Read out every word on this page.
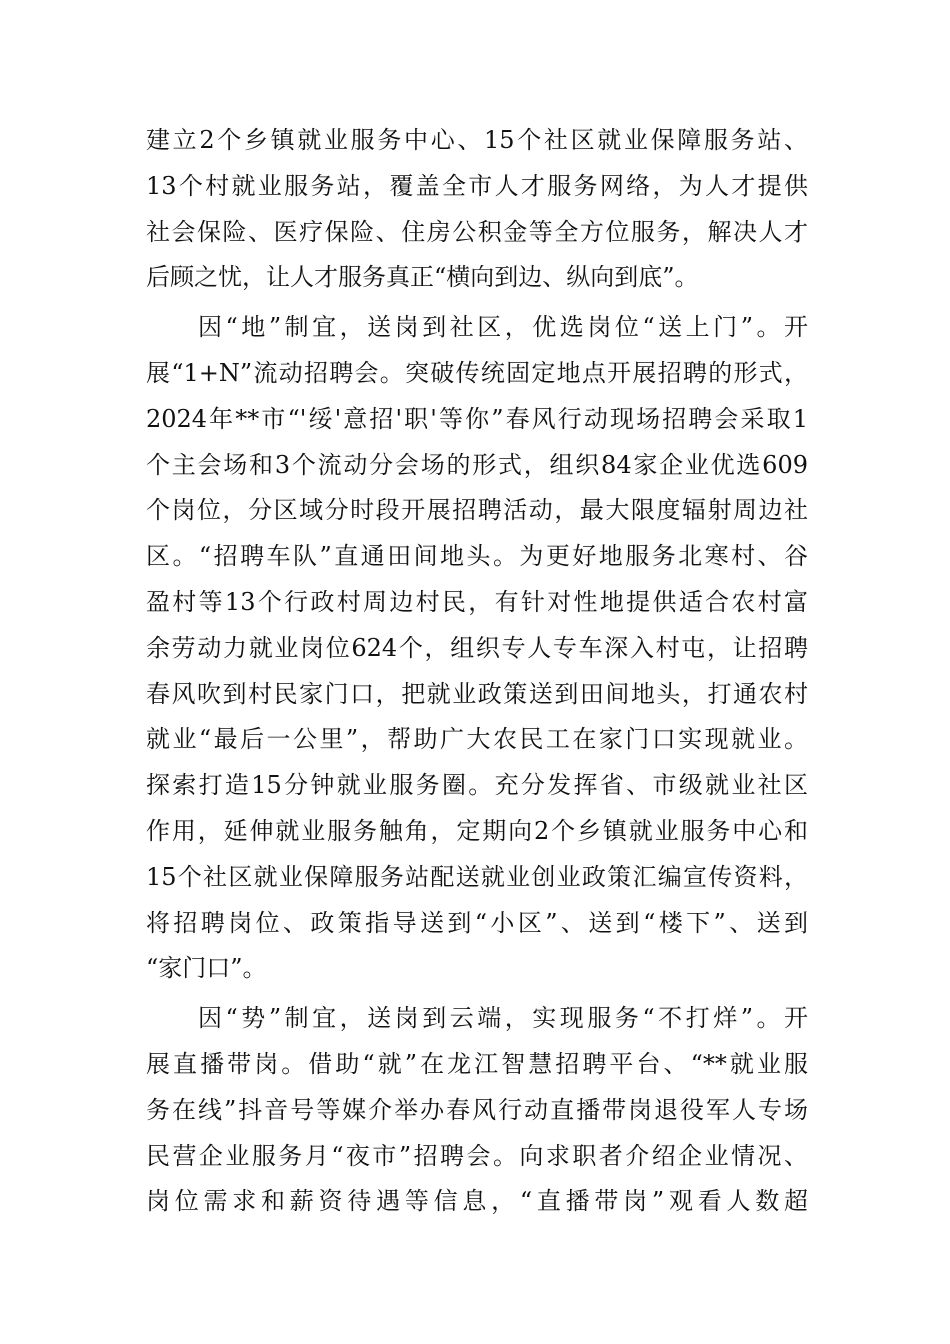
建立2个乡镇就业服务中心、15个社区就业保障服务站、
13个村就业服务站，覆盖全市人才服务网络，为人才提供
社会保险、医疗保险、住房公积金等全方位服务，解决人才
后顾之忧，让人才服务真正“横向到边、纵向到底”。
因“地”制宜，送岗到社区，优选岗位“送上门”。开
展“1+N”流动招聘会。突破传统固定地点开展招聘的形式，
2024年**市“'绥'意招'职'等你”春风行动现场招聘会采取1
个主会场和3个流动分会场的形式，组织84家企业优选609
个岗位，分区域分时段开展招聘活动，最大限度辐射周边社
区。“招聘车队”直通田间地头。为更好地服务北寒村、谷
盈村等13个行政村周边村民，有针对性地提供适合农村富
余劳动力就业岗位624个，组织专人专车深入村屯，让招聘
春风吹到村民家门口，把就业政策送到田间地头，打通农村
就业“最后一公里”，帮助广大农民工在家门口实现就业。
探索打造15分钟就业服务圈。充分发挥省、市级就业社区
作用，延伸就业服务触角，定期向2个乡镇就业服务中心和
15个社区就业保障服务站配送就业创业政策汇编宣传资料，
将招聘岗位、政策指导送到“小区”、送到“楼下”、送到
“家门口”。
因“势”制宜，送岗到云端，实现服务“不打烊”。开
展直播带岗。借助“就”在龙江智慧招聘平台、“**就业服
务在线”抖音号等媒介举办春风行动直播带岗退役军人专场
民营企业服务月“夜市”招聘会。向求职者介绍企业情况、
岗位需求和薪资待遇等信息，“直播带岗”观看人数超
